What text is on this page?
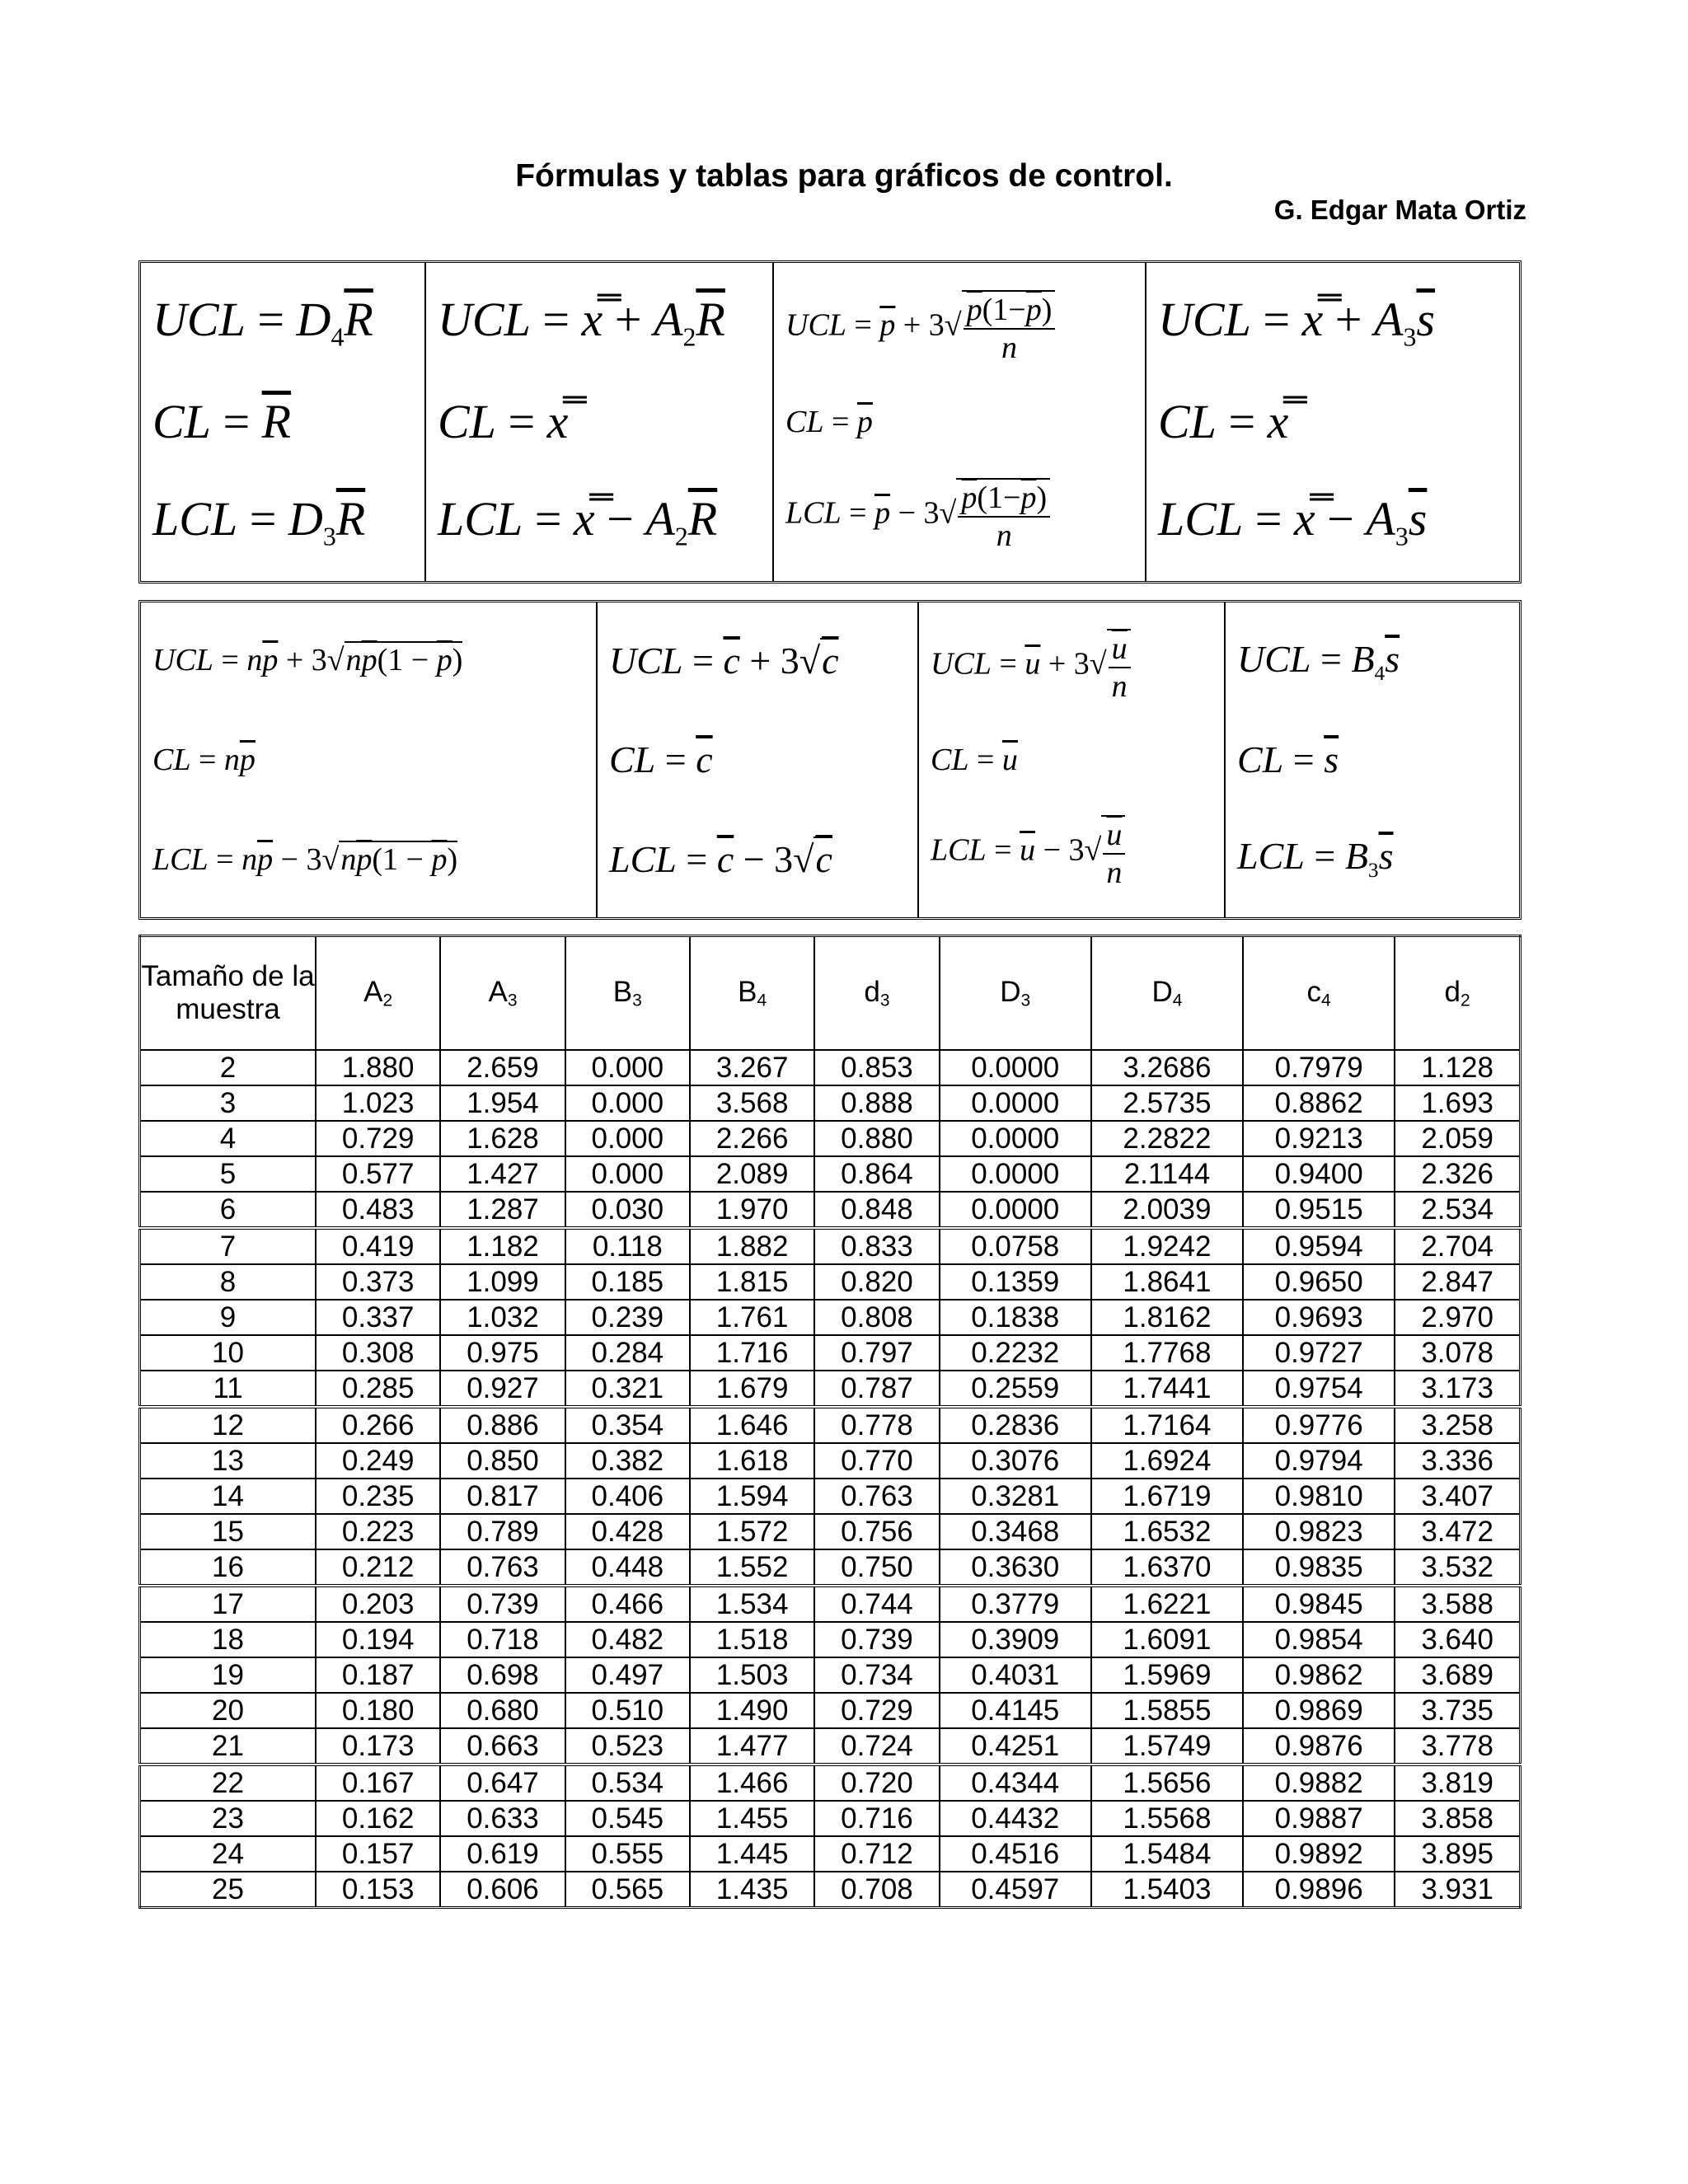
Fórmulas y tablas para gráficos de control.
G. Edgar Mata Ortiz
UCL = $D_4\overline{R}$
CL = $\overline{R}$
LCL = $D_3\overline{R}$
UCL = x̿ + $A_2\overline{R}$
CL = x̿
LCL = x̿ − $A_2\overline{R}$
UCL = $\overline{p} + 3√ \frac{p(1-\overline{p})}{n}$
CL = $\overline{p}$
LCL = $\overline{p} - 3√ \frac{p(1-\overline{p})}{n}$
UCL = x̿ + $A_3\overline{s}$
CL = x̿
LCL = x̿ − $A_3\overline{s}$
UCL = $n\overline{p} + 3√n\overline{p}(1 - \overline{p})$
CL = $n\overline{p}$
LCL = $n\overline{p} - 3√n\overline{p}(1 - \overline{p})$
UCL = $\overline{c} + 3√c$
CL = $\overline{c}$
LCL = $\overline{c} - 3√c$
UCL = $\overline{u} + 3√ \frac{u}{n}$
CL = $\overline{u}$
LCL = $\overline{u} - 3√ \frac{u}{n}$
UCL = $B_4\overline{s}$
CL = $\overline{s}$
LCL = $B_3\overline{s}$
Tamaño de la muestra	A2	A3	B3	B4	d3	D3	D4	c4	d2
2	1.880	2.659	0.000	3.267	0.853	0.0000	3.2686	0.7979	1.128
3	1.023	1.954	0.000	3.568	0.888	0.0000	2.5735	0.8862	1.693
4	0.729	1.628	0.000	2.266	0.880	0.0000	2.2822	0.9213	2.059
5	0.577	1.427	0.000	2.089	0.864	0.0000	2.1144	0.9400	2.326
6	0.483	1.287	0.030	1.970	0.848	0.0000	2.0039	0.9515	2.534
7	0.419	1.182	0.118	1.882	0.833	0.0758	1.9242	0.9594	2.704
8	0.373	1.099	0.185	1.815	0.820	0.1359	1.8641	0.9650	2.847
9	0.337	1.032	0.239	1.761	0.808	0.1838	1.8162	0.9693	2.970
10	0.308	0.975	0.284	1.716	0.797	0.2232	1.7768	0.9727	3.078
11	0.285	0.927	0.321	1.679	0.787	0.2559	1.7441	0.9754	3.173
12	0.266	0.886	0.354	1.646	0.778	0.2836	1.7164	0.9776	3.258
13	0.249	0.850	0.382	1.618	0.770	0.3076	1.6924	0.9794	3.336
14	0.235	0.817	0.406	1.594	0.763	0.3281	1.6719	0.9810	3.407
15	0.223	0.789	0.428	1.572	0.756	0.3468	1.6532	0.9823	3.472
16	0.212	0.763	0.448	1.552	0.750	0.3630	1.6370	0.9835	3.532
17	0.203	0.739	0.466	1.534	0.744	0.3779	1.6221	0.9845	3.588
18	0.194	0.718	0.482	1.518	0.739	0.3909	1.6091	0.9854	3.640
19	0.187	0.698	0.497	1.503	0.734	0.4031	1.5969	0.9862	3.689
20	0.180	0.680	0.510	1.490	0.729	0.4145	1.5855	0.9869	3.735
21	0.173	0.663	0.523	1.477	0.724	0.4251	1.5749	0.9876	3.778
22	0.167	0.647	0.534	1.466	0.720	0.4344	1.5656	0.9882	3.819
23	0.162	0.633	0.545	1.455	0.716	0.4432	1.5568	0.9887	3.858
24	0.157	0.619	0.555	1.445	0.712	0.4516	1.5484	0.9892	3.895
25	0.153	0.606	0.565	1.435	0.708	0.4597	1.5403	0.9896	3.931
